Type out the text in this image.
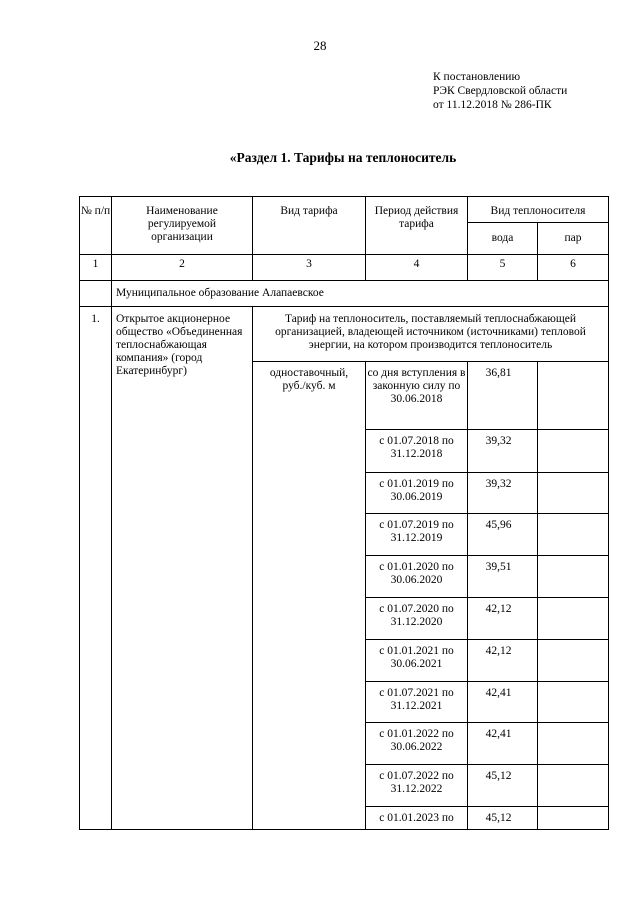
28
К постановлению
РЭК Свердловской области
от 11.12.2018 № 286-ПК
«Раздел 1. Тарифы на теплоноситель
№ п/п	Наименование регулируемой организации	Вид тарифа	Период действия тарифа	Вид теплоносителя	
				вода	пар
1	2	3	4	5	6
	Муниципальное образование Алапаевское				
1.	Открытое акционерное общество «Объединенная теплоснабжающая компания» (город Екатеринбург)	Тариф на теплоноситель, поставляемый теплоснабжающей организацией, владеющей источником (источниками) тепловой энергии, на котором производится теплоноситель			
		одноставочный, руб./куб. м	со дня вступления в законную силу по 30.06.2018	36,81	
			с 01.07.2018 по 31.12.2018	39,32	
			с 01.01.2019 по 30.06.2019	39,32	
			с 01.07.2019 по 31.12.2019	45,96	
			с 01.01.2020 по 30.06.2020	39,51	
			с 01.07.2020 по 31.12.2020	42,12	
			с 01.01.2021 по 30.06.2021	42,12	
			с 01.07.2021 по 31.12.2021	42,41	
			с 01.01.2022 по 30.06.2022	42,41	
			с 01.07.2022 по 31.12.2022	45,12	
			с 01.01.2023 по	45,12	
